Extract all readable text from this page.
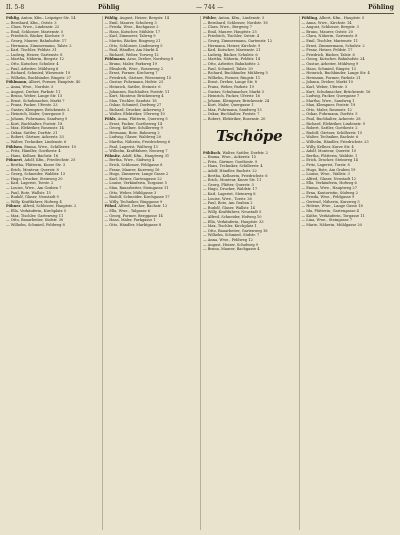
II. 5-8	Pöhlig	— 744 —	Pöhling

Pöhlig, Anton, Kfm., Leipziger Str. 14

— Bernhard, Kfm., Oststr. 3

— Clara, Wwe., Lindenstr. 22

— Emil, Schlosser, Marienstr. 5

— Friedrich, Bäcker, Kirchstr. 9

— Georg, Maurer, Bahnhofstr. 17

— Hermann, Zimmermann, Talstr. 2

— Karl, Tischler, Feldstr. 31

— Ludwig, Heizer, Gartenstr. 8

— Martha, Näherin, Bergstr. 12

— Otto, Kutscher, Schulstr. 4

— Paul, Arbeiter, Mühlweg 6

— Richard, Schmied, Wiesenstr. 19

— Wilhelm, Buchbinder, Ringstr. 27

Pöhlmann, Albert, Former, Hauptstr. 40

— Anna, Wwe., Nordstr. 3

— August, Dreher, Parkstr. 11

— Bruno, Weber, Lange Str. 15

— Ernst, Schuhmacher, Markt 7

— Franz, Packer, Uferstr. 23

— Gustav, Klempner, Brückenstr. 2

— Heinrich, Maler, Quergasse 5

— Johann, Fuhrmann, Sandweg 9

— Kurt, Buchhalter, Poststr. 18

— Max, Elektriker, Rosenstr. 14

— Oskar, Sattler, Dorfstr. 21

— Robert, Gärtner, Ackerstr. 33

— Walter, Techniker, Lindenstr. 6

Pöhlsen, Emma, Wwe., Schillerstr. 10

— Fritz, Händler, Goethestr. 4

— Hans, Kellner, Bachstr. 16

Pöhnert, Adolf, Kfm., Friedrichstr. 25

— Bertha, Plätterin, Kurze Str. 3

— Erich, Monteur, Querstr. 8

— Georg, Schneider, Waldstr. 13

— Hugo, Drucker, Steinweg 20

— Karl, Lagerist, Torstr. 2

— Louise, Wwe., Am Graben 7

— Paul, Bote, Wallstr. 15

— Rudolf, Glaser, Neustadt 9

— Willy, Kraftfahrer, Hofweg 4

Pöhner, Alfred, Schlosser, Hauptstr. 2

— Ella, Verkäuferin, Kirchplatz 5

— Max, Tischler, Gartenweg 11

— Otto, Bauarbeiter, Südstr. 30

— Wilhelm, Schmied, Feldweg 8

Pöhlig, August, Heizer, Bergstr. 14

— Emil, Maurer, Schulweg 3

— Frieda, Wwe., Bachgasse 2

— Hans, Kutscher, Mühlstr. 17

— Karl, Zimmerer, Talweg 9

— Martin, Bäcker, Ringweg 21

— Otto, Schlosser, Lindenweg 5

— Paul, Händler, Am Markt 4

— Richard, Weber, Torweg 12

Pöhlmann, Arno, Dreher, Nordweg 8

— Bruno, Maler, Parkweg 19

— Elisabeth, Wwe., Rosenweg 2

— Ernst, Former, Kirchweg 7

— Friedrich, Gärtner, Wiesenweg 15

— Gustav, Fuhrmann, Hofstr. 23

— Heinrich, Sattler, Steinstr. 6

— Johannes, Buchhalter, Poststr. 11

— Kurt, Monteur, Brückenweg 4

— Max, Tischler, Sandstr. 18

— Oskar, Schmied, Dorfweg 27

— Richard, Drucker, Ackerweg 3

— Walter, Elektriker, Uferweg 10

Pöhls, Anna, Plätterin, Querweg 5

— Ernst, Packer, Goetheweg 14

— Georg, Kellner, Schillerweg 9

— Hermann, Bote, Bahnweg 2

— Ludwig, Glaser, Waldweg 20

— Martha, Näherin, Friedrichweg 6

— Paul, Lagerist, Wallweg 13

— Wilhelm, Kraftfahrer, Neuweg 7

Pöhnitz, Adolf, Kfm., Hauptweg 31

— Bertha, Wwe., Südweg 4

— Erich, Schlosser, Feldgasse 8

— Franz, Maurer, Kurzweg 16

— Hugo, Zimmerer, Lange Gasse 2

— Karl, Heizer, Gartengasse 22

— Louise, Verkäuferin, Torgasse 5

— Max, Bauarbeiter, Steingasse 11

— Otto, Weber, Mühlgasse 3

— Rudolf, Schneider, Kirchgasse 17

— Willy, Techniker, Ringgasse 9

Pöhnl, Alfred, Dreher, Bachstr. 12

— Ella, Wwe., Talgasse 6

— Georg, Former, Berggasse 14

— Hans, Maler, Parkgasse 1

— Otto, Händler, Marktgasse 8

Pöhler, Anton, Kfm., Lindenstr. 3

— Bernhard, Schlosser, Nordstr. 18

— Clara, Wwe., Bergweg 7

— Emil, Maurer, Hauptstr. 25

— Friedrich, Tischler, Oststr. 4

— Georg, Zimmermann, Gartenstr. 12

— Hermann, Heizer, Kirchstr. 9

— Karl, Kutscher, Marienstr. 21

— Ludwig, Bäcker, Schulstr. 6

— Martha, Näherin, Feldstr. 14

— Otto, Arbeiter, Bahnhofstr. 2

— Paul, Schmied, Talstr. 30

— Richard, Buchbinder, Mühlweg 5

— Wilhelm, Former, Ringstr. 11

— Ernst, Dreher, Lange Str. 8

— Franz, Weber, Parkstr. 19

— Gustav, Schuhmacher, Markt 3

— Heinrich, Packer, Uferstr. 16

— Johann, Klempner, Brückenstr. 24

— Kurt, Maler, Quergasse 1

— Max, Fuhrmann, Sandweg 13

— Oskar, Buchhalter, Poststr. 7

— Robert, Elektriker, Rosenstr. 20

Tschöpe

Pöhlisch, Walter, Sattler, Dorfstr. 2

— Emma, Wwe., Ackerstr. 15

— Fritz, Gärtner, Goethestr. 9

— Hans, Techniker, Schillerstr. 4

— Adolf, Händler, Bachstr. 22

— Bertha, Kellnerin, Friedrichstr. 6

— Erich, Monteur, Kurze Str. 11

— Georg, Plätter, Querstr. 3

— Hugo, Drucker, Waldstr. 17

— Karl, Lagerist, Steinweg 8

— Louise, Wwe., Torstr. 26

— Paul, Bote, Am Graben 2

— Rudolf, Glaser, Wallstr. 14

— Willy, Kraftfahrer, Neustadt 5

— Alfred, Schneider, Hofweg 10

— Ella, Verkäuferin, Hauptstr. 33

— Max, Tischler, Kirchplatz 1

— Otto, Bauarbeiter, Gartenweg 18

— Wilhelm, Schmied, Südstr. 7

— Anna, Wwe., Feldweg 12

— August, Heizer, Schulweg 9

— Bruno, Maurer, Bachgasse 4

Pöhling, Albert, Kfm., Hauptstr. 5

— Anna, Wwe., Kirchstr. 14

— August, Schlosser, Bergstr. 3

— Bruno, Maurer, Oststr. 20

— Clara, Näherin, Gartenstr. 8

— Emil, Tischler, Marienstr. 11

— Ernst, Zimmermann, Schulstr. 2

— Franz, Heizer, Feldstr. 17

— Friedrich, Bäcker, Talstr. 6

— Georg, Kutscher, Bahnhofstr. 24

— Gustav, Arbeiter, Mühlweg 9

— Hans, Schmied, Ringstr. 13

— Heinrich, Buchbinder, Lange Str. 4

— Hermann, Former, Parkstr. 21

— Johann, Dreher, Markt 10

— Karl, Weber, Uferstr. 3

— Kurt, Schuhmacher, Brückenstr. 16

— Ludwig, Packer, Quergasse 7

— Martha, Wwe., Sandweg 1

— Max, Klempner, Poststr. 19

— Otto, Maler, Rosenstr. 12

— Oskar, Fuhrmann, Dorfstr. 5

— Paul, Buchhalter, Ackerstr. 28

— Richard, Elektriker, Lindenstr. 9

— Robert, Sattler, Goethestr. 2

— Rudolf, Gärtner, Schillerstr. 15

— Walter, Techniker, Bachstr. 6

— Wilhelm, Händler, Friedrichstr. 23

— Willy, Kellner, Kurze Str. 4

— Adolf, Monteur, Querstr. 10

— Bertha, Plätterin, Waldstr. 1

— Erich, Drucker, Steinweg 14

— Fritz, Lagerist, Torstr. 8

— Hugo, Bote, Am Graben 19

— Louise, Wwe., Wallstr. 3

— Alfred, Glaser, Neustadt 12

— Ella, Verkäuferin, Hofweg 6

— Emma, Wwe., Hauptweg 27

— Erna, Kontoristin, Südweg 2

— Frieda, Wwe., Feldgasse 9

— Gertrud, Näherin, Kurzweg 5

— Helene, Wwe., Lange Gasse 18

— Ida, Plätterin, Gartengasse 4

— Käthe, Verkäuferin, Torgasse 11

— Lina, Wwe., Steingasse 7

— Marie, Näherin, Mühlgasse 20
